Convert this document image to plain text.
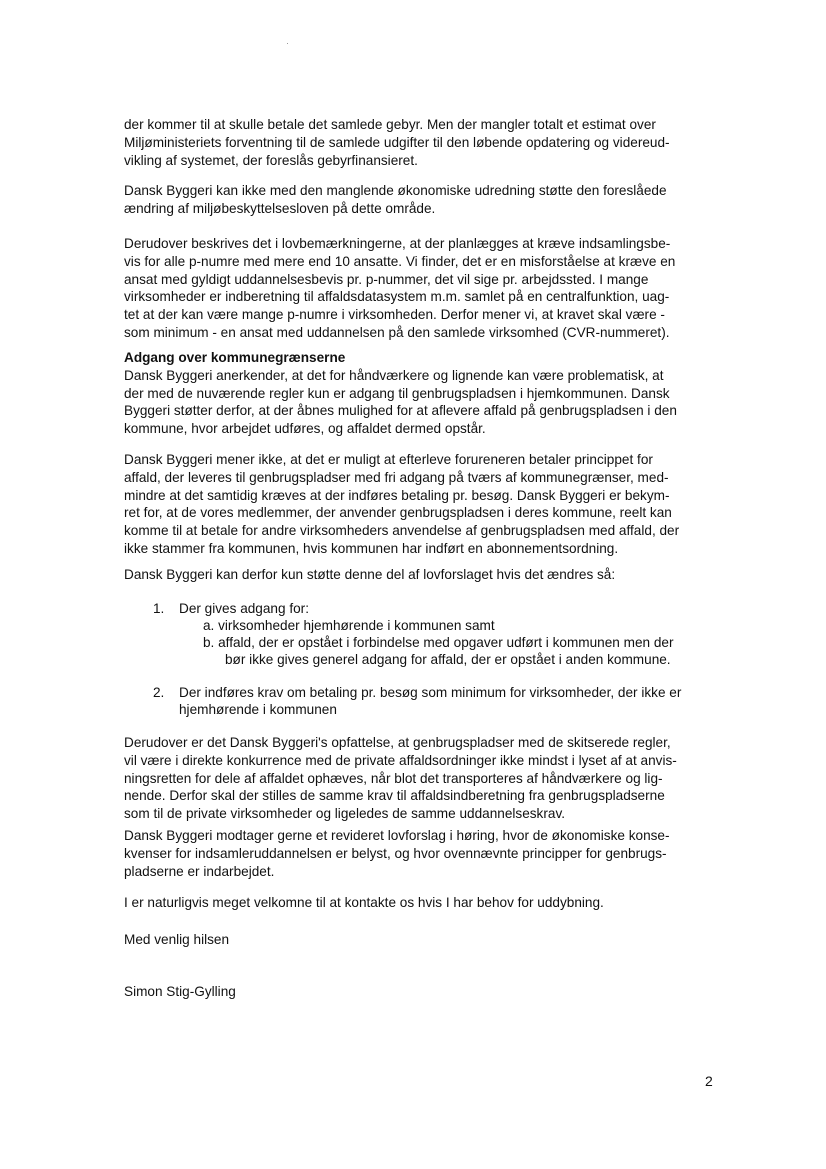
der kommer til at skulle betale det samlede gebyr. Men der mangler totalt et estimat over
Miljøministeriets forventning til de samlede udgifter til den løbende opdatering og videreud-
vikling af systemet, der foreslås gebyrfinansieret.

Dansk Byggeri kan ikke med den manglende økonomiske udredning støtte den foreslåede
ændring af miljøbeskyttelsesloven på dette område.

Derudover beskrives det i lovbemærkningerne, at der planlægges at kræve indsamlingsbe-
vis for alle p-numre med mere end 10 ansatte. Vi finder, det er en misforståelse at kræve en
ansat med gyldigt uddannelsesbevis pr. p-nummer, det vil sige pr. arbejdssted. I mange
virksomheder er indberetning til affaldsdatasystem m.m. samlet på en centralfunktion, uag-
tet at der kan være mange p-numre i virksomheden. Derfor mener vi, at kravet skal være -
som minimum - en ansat med uddannelsen på den samlede virksomhed (CVR-nummeret).

Adgang over kommunegrænserne
Dansk Byggeri anerkender, at det for håndværkere og lignende kan være problematisk, at
der med de nuværende regler kun er adgang til genbrugspladsen i hjemkommunen. Dansk
Byggeri støtter derfor, at der åbnes mulighed for at aflevere affald på genbrugspladsen i den
kommune, hvor arbejdet udføres, og affaldet dermed opstår.

Dansk Byggeri mener ikke, at det er muligt at efterleve forureneren betaler princippet for
affald, der leveres til genbrugspladser med fri adgang på tværs af kommunegrænser, med-
mindre at det samtidig kræves at der indføres betaling pr. besøg. Dansk Byggeri er bekym-
ret for, at de vores medlemmer, der anvender genbrugspladsen i deres kommune, reelt kan
komme til at betale for andre virksomheders anvendelse af genbrugspladsen med affald, der
ikke stammer fra kommunen, hvis kommunen har indført en abonnementsordning.

Dansk Byggeri kan derfor kun støtte denne del af lovforslaget hvis det ændres så:

1. Der gives adgang for:
a. virksomheder hjemhørende i kommunen samt
b. affald, der er opstået i forbindelse med opgaver udført i kommunen men der
bør ikke gives generel adgang for affald, der er opstået i anden kommune.
2. Der indføres krav om betaling pr. besøg som minimum for virksomheder, der ikke er
hjemhørende i kommunen

Derudover er det Dansk Byggeri's opfattelse, at genbrugspladser med de skitserede regler,
vil være i direkte konkurrence med de private affaldsordninger ikke mindst i lyset af at anvis-
ningsretten for dele af affaldet ophæves, når blot det transporteres af håndværkere og lig-
nende. Derfor skal der stilles de samme krav til affaldsindberetning fra genbrugspladserne
som til de private virksomheder og ligeledes de samme uddannelseskrav.

Dansk Byggeri modtager gerne et revideret lovforslag i høring, hvor de økonomiske konse-
kvenser for indsamleruddannelsen er belyst, og hvor ovennævnte principper for genbrugs-
pladserne er indarbejdet.

I er naturligvis meget velkomne til at kontakte os hvis I har behov for uddybning.

Med venlig hilsen

Simon Stig-Gylling

2
